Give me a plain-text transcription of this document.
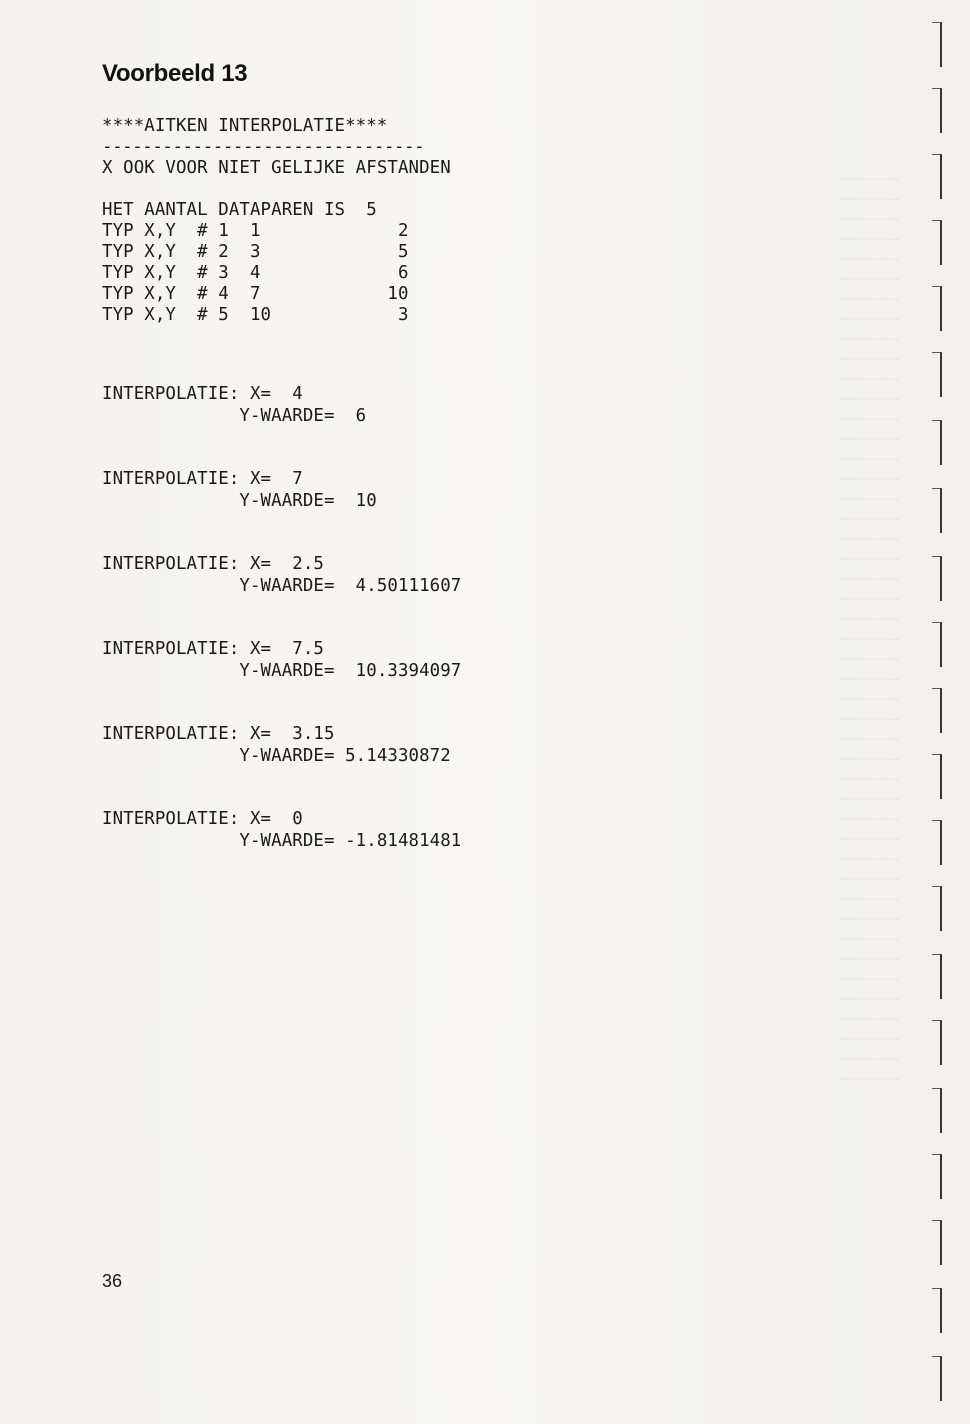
Voorbeeld 13
****AITKEN INTERPOLATIE****
--------------------------------
X OOK VOOR NIET GELIJKE AFSTANDEN
HET AANTAL DATAPAREN IS  5
TYP X,Y  # 1  1             2
TYP X,Y  # 2  3             5
TYP X,Y  # 3  4             6
TYP X,Y  # 4  7            10
TYP X,Y  # 5  10            3
INTERPOLATIE: X=  4
Y-WAARDE=  6
INTERPOLATIE: X=  7
Y-WAARDE=  10
INTERPOLATIE: X=  2.5
Y-WAARDE=  4.50111607
INTERPOLATIE: X=  7.5
Y-WAARDE=  10.3394097
INTERPOLATIE: X=  3.15
Y-WAARDE= 5.14330872
INTERPOLATIE: X=  0
Y-WAARDE= -1.81481481
36
